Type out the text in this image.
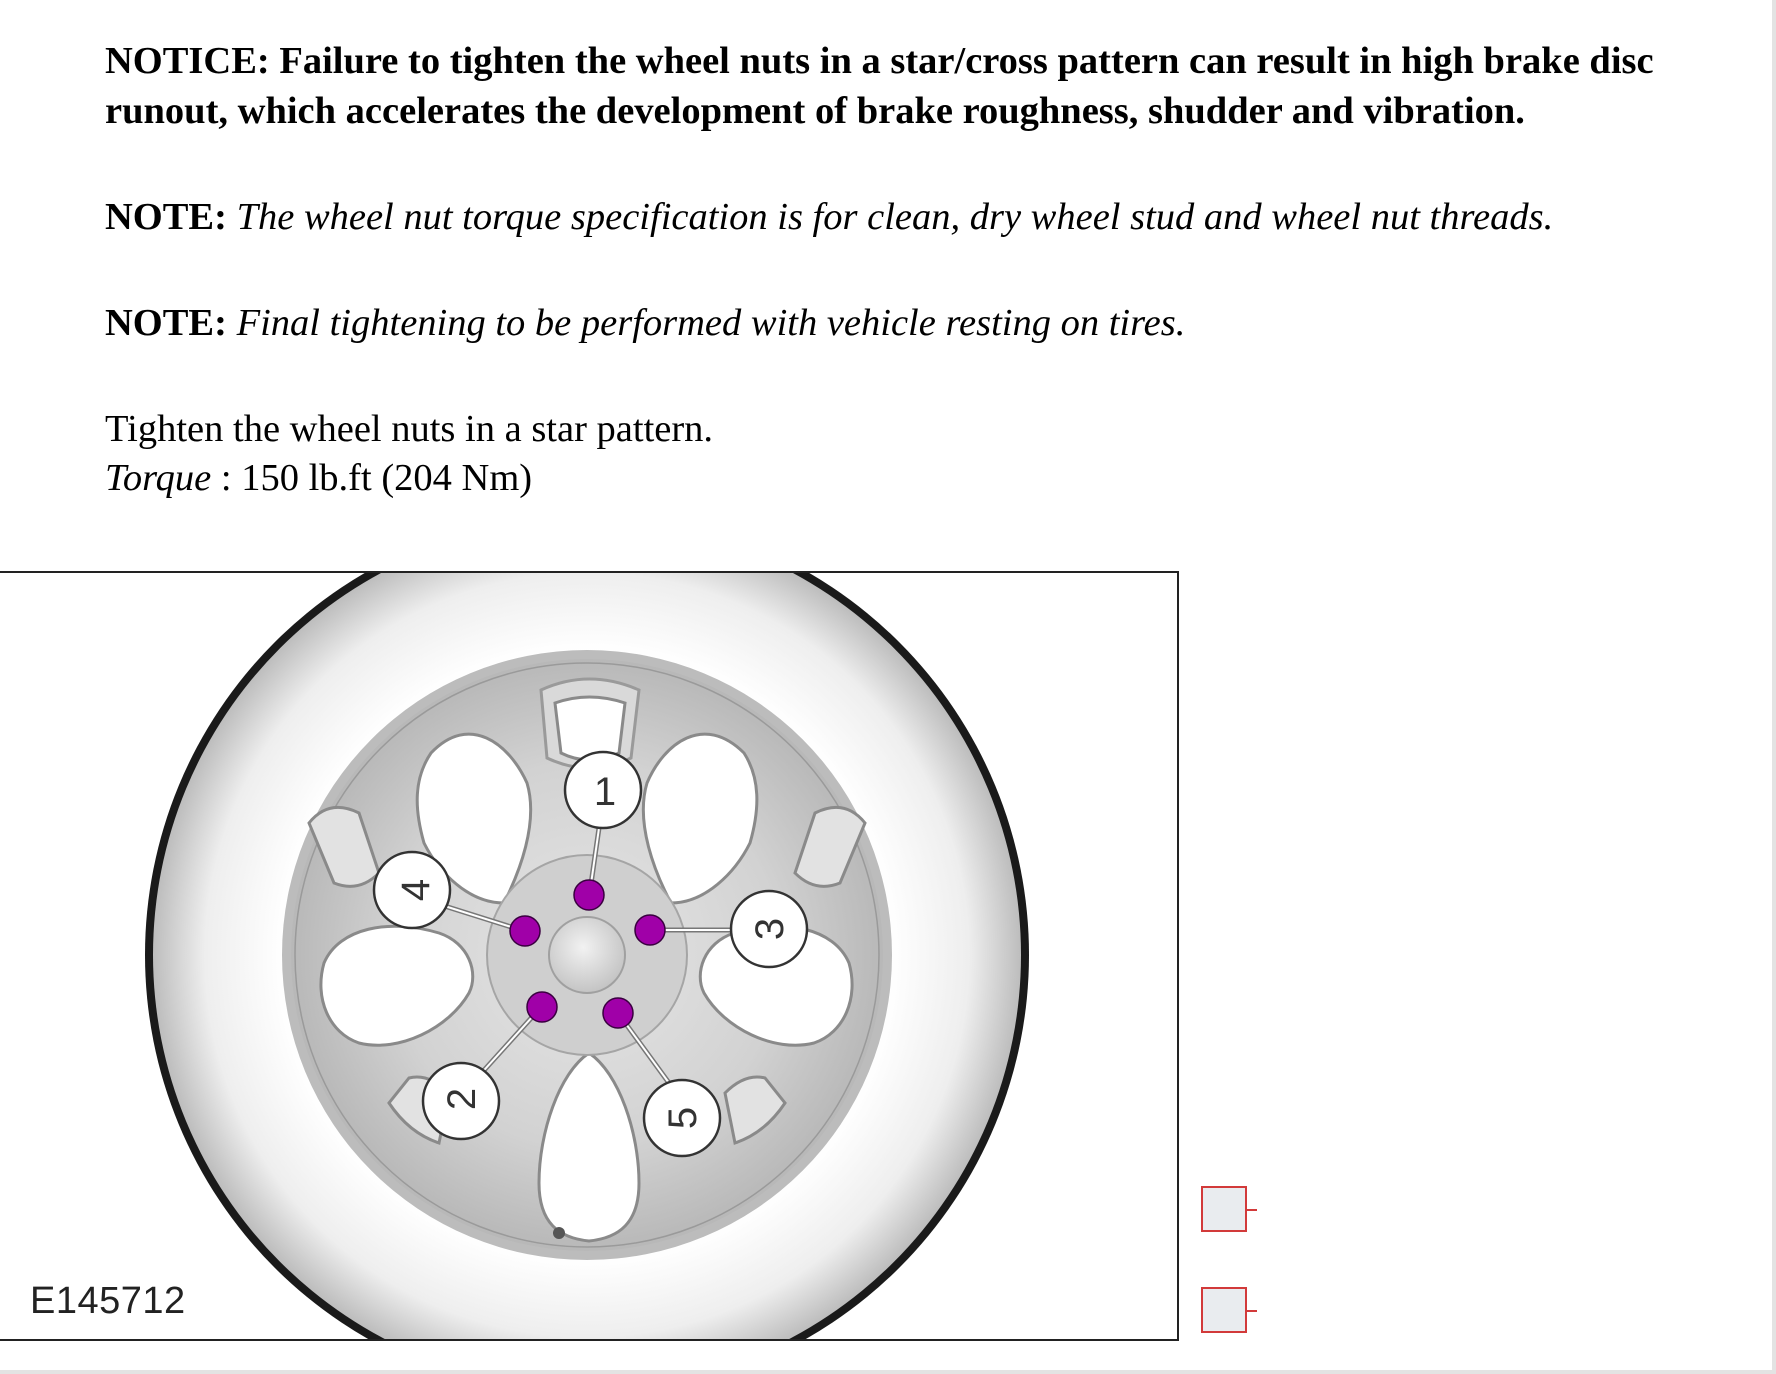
NOTICE: Failure to tighten the wheel nuts in a star/cross pattern can result in high brake disc runout, which accelerates the development of brake roughness, shudder and vibration.

NOTE: The wheel nut torque specification is for clean, dry wheel stud and wheel nut threads.

NOTE: Final tightening to be performed with vehicle resting on tires.

Tighten the wheel nuts in a star pattern.
Torque : 150 lb.ft (204 Nm)
1
4
3
2
5
E145712
